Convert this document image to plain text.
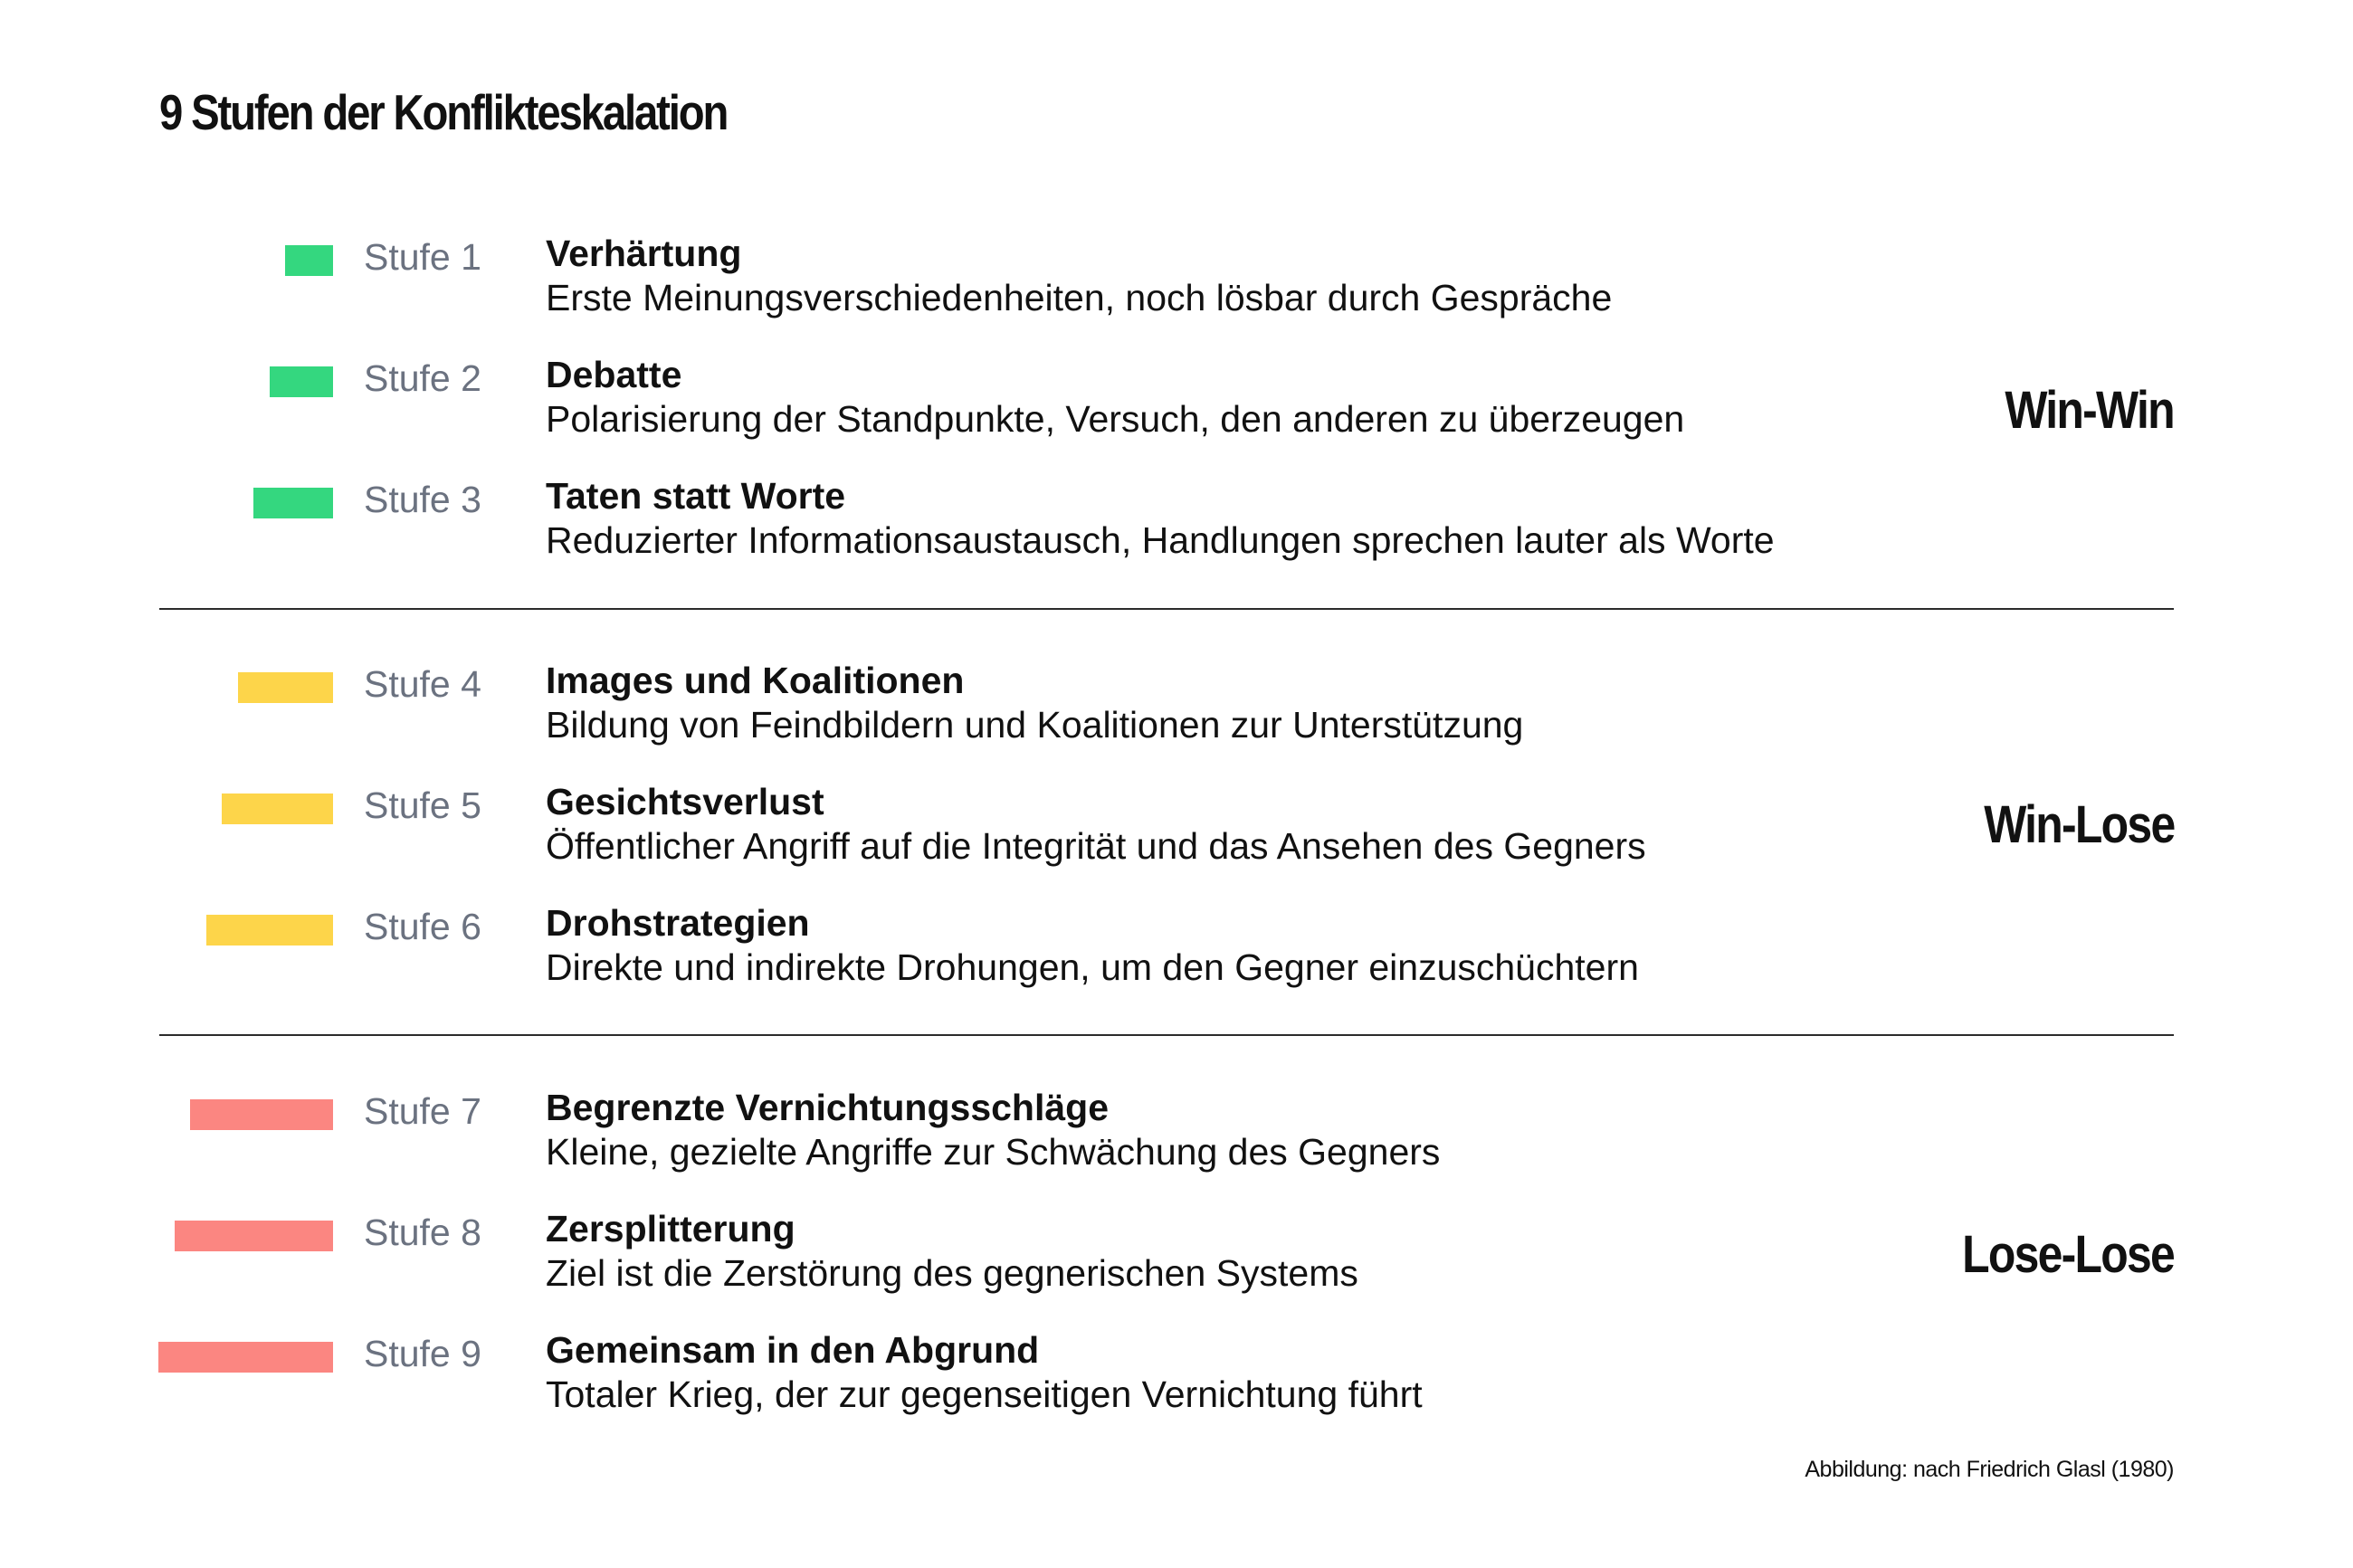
9 Stufen der Konflikteskalation
Stufe 1 Verhärtung
Erste Meinungsverschiedenheiten, noch lösbar durch Gespräche
Stufe 2 Debatte
Polarisierung der Standpunkte, Versuch, den anderen zu überzeugen
Stufe 3 Taten statt Worte
Reduzierter Informationsaustausch, Handlungen sprechen lauter als Worte
Win-Win
Stufe 4 Images und Koalitionen
Bildung von Feindbildern und Koalitionen zur Unterstützung
Stufe 5 Gesichtsverlust
Öffentlicher Angriff auf die Integrität und das Ansehen des Gegners
Stufe 6 Drohstrategien
Direkte und indirekte Drohungen, um den Gegner einzuschüchtern
Win-Lose
Stufe 7 Begrenzte Vernichtungsschläge
Kleine, gezielte Angriffe zur Schwächung des Gegners
Stufe 8 Zersplitterung
Ziel ist die Zerstörung des gegnerischen Systems
Stufe 9 Gemeinsam in den Abgrund
Totaler Krieg, der zur gegenseitigen Vernichtung führt
Lose-Lose
Abbildung: nach Friedrich Glasl (1980)
